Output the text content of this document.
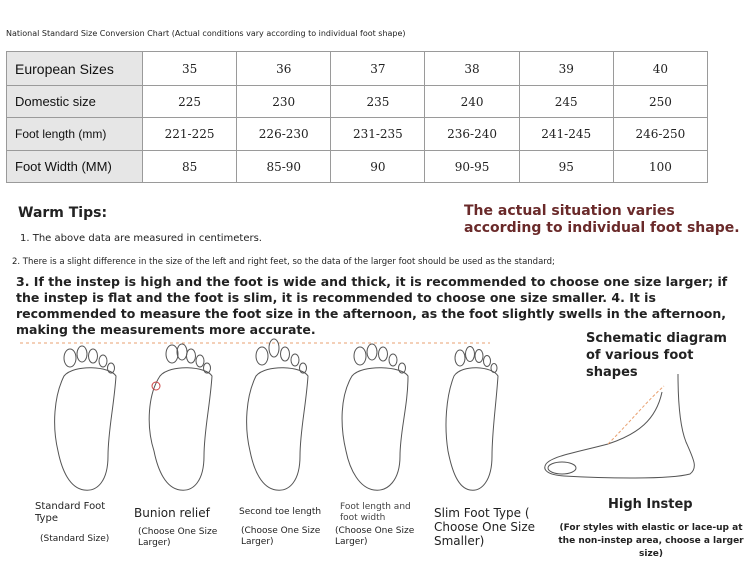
National Standard Size Conversion Chart (Actual conditions vary according to individual foot shape)
European Sizes	35	36	37	38	39	40
Domestic size	225	230	235	240	245	250
Foot length (mm)	221-225	226-230	231-235	236-240	241-245	246-250
Foot Width (MM)	85	85-90	90	90-95	95	100
Warm Tips:	The actual situation varies according to individual foot shape.
1. The above data are measured in centimeters.
2. There is a slight difference in the size of the left and right feet, so the data of the larger foot should be used as the standard;
3. If the instep is high and the foot is wide and thick, it is recommended to choose one size larger; if the instep is flat and the foot is slim, it is recommended to choose one size smaller. 4. It is recommended to measure the foot size in the afternoon, as the foot slightly swells in the afternoon, making the measurements more accurate.
Standard Foot Type
(Standard Size)
Bunion relief
(Choose One Size Larger)
Second toe length
(Choose One Size Larger)
Foot length and foot width
(Choose One Size Larger)
Slim Foot Type ( Choose One Size Smaller)
Schematic diagram of various foot shapes
High Instep
(For styles with elastic or lace-up at the non-instep area, choose a larger size)
